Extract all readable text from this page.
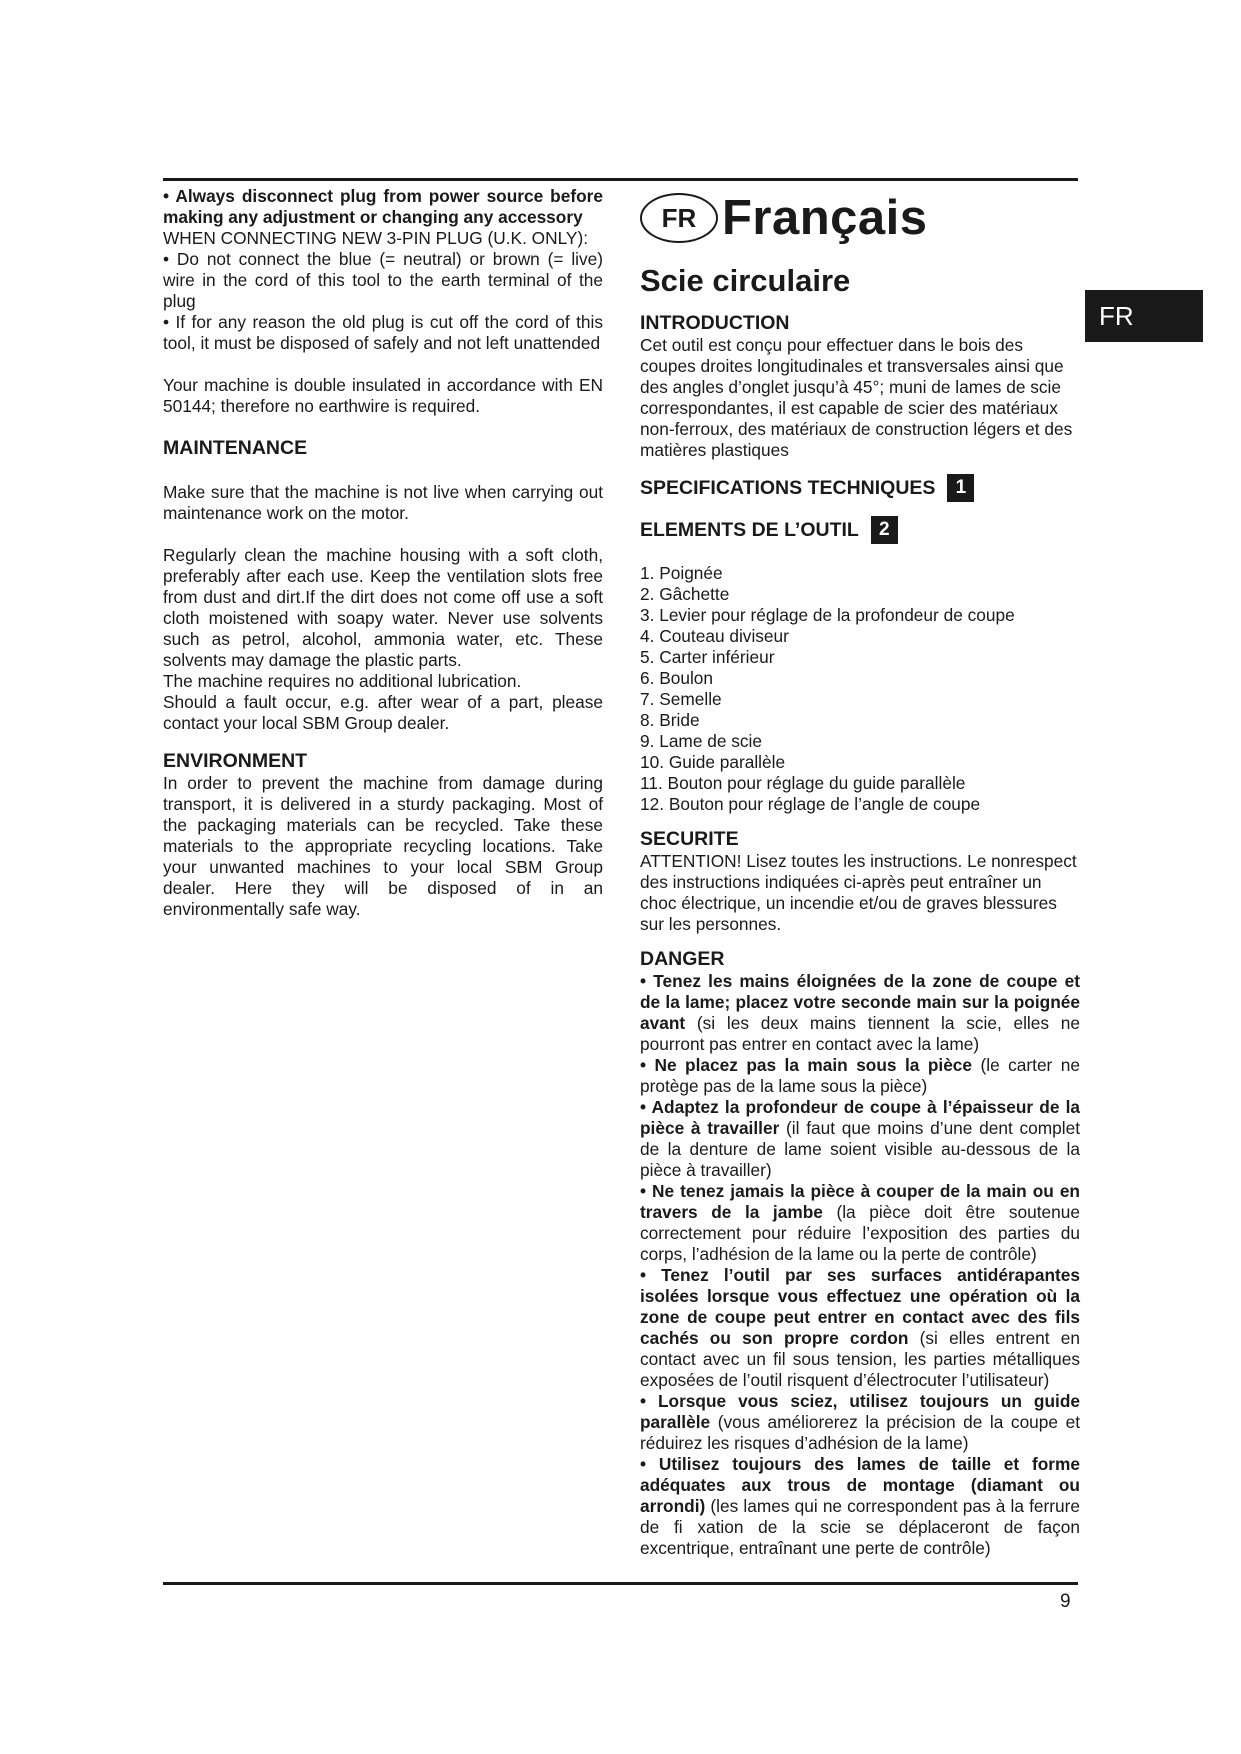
• Always disconnect plug from power source before making any adjustment or changing any accessory

WHEN CONNECTING NEW 3-PIN PLUG (U.K. ONLY):

• Do not connect the blue (= neutral) or brown (= live) wire in the cord of this tool to the earth terminal of the plug

• If for any reason the old plug is cut off the cord of this tool, it must be disposed of safely and not left unattended

Your machine is double insulated in accordance with EN 50144; therefore no earthwire is required.

MAINTENANCE

Make sure that the machine is not live when carrying out maintenance work on the motor.

Regularly clean the machine housing with a soft cloth, preferably after each use. Keep the ventilation slots free from dust and dirt.If the dirt does not come off use a soft cloth moistened with soapy water. Never use solvents such as petrol, alcohol, ammonia water, etc. These solvents may damage the plastic parts.

The machine requires no additional lubrication.

Should a fault occur, e.g. after wear of a part, please contact your local SBM Group dealer.

ENVIRONMENT

In order to prevent the machine from damage during transport, it is delivered in a sturdy packaging. Most of the packaging materials can be recycled. Take these materials to the appropriate recycling locations. Take your unwanted machines to your local SBM Group dealer. Here they will be disposed of in an environmentally safe way.

FR Français

Scie circulaire

INTRODUCTION

Cet outil est conçu pour effectuer dans le bois des coupes droites longitudinales et transversales ainsi que des angles d’onglet jusqu’à 45°; muni de lames de scie correspondantes, il est capable de scier des matériaux non-ferroux, des matériaux de construction légers et des matières plastiques

SPECIFICATIONS TECHNIQUES	1
ELEMENTS DE L’OUTIL	2
1. Poignée
2. Gâchette
3. Levier pour réglage de la profondeur de coupe
4. Couteau diviseur
5. Carter inférieur
6. Boulon
7. Semelle
8. Bride
9. Lame de scie
10. Guide parallèle
11. Bouton pour réglage du guide parallèle
12. Bouton pour réglage de l’angle de coupe

SECURITE

ATTENTION! Lisez toutes les instructions. Le nonrespect des instructions indiquées ci-après peut entraîner un choc électrique, un incendie et/ou de graves blessures sur les personnes.

DANGER

• Tenez les mains éloignées de la zone de coupe et de la lame; placez votre seconde main sur la poignée avant (si les deux mains tiennent la scie, elles ne pourront pas entrer en contact avec la lame)

• Ne placez pas la main sous la pièce (le carter ne protège pas de la lame sous la pièce)

• Adaptez la profondeur de coupe à l’épaisseur de la pièce à travailler (il faut que moins d’une dent complet de la denture de lame soient visible au-dessous de la pièce à travailler)

• Ne tenez jamais la pièce à couper de la main ou en travers de la jambe (la pièce doit être soutenue correctement pour réduire l’exposition des parties du corps, l’adhésion de la lame ou la perte de contrôle)

• Tenez l’outil par ses surfaces antidérapantes isolées lorsque vous effectuez une opération où la zone de coupe peut entrer en contact avec des fils cachés ou son propre cordon (si elles entrent en contact avec un fil sous tension, les parties métalliques exposées de l’outil risquent d’électrocuter l’utilisateur)

• Lorsque vous sciez, utilisez toujours un guide parallèle (vous améliorerez la précision de la coupe et réduirez les risques d’adhésion de la lame)

• Utilisez toujours des lames de taille et forme adéquates aux trous de montage (diamant ou arrondi) (les lames qui ne correspondent pas à la ferrure de fi xation de la scie se déplaceront de façon excentrique, entraînant une perte de contrôle)

FR
9
